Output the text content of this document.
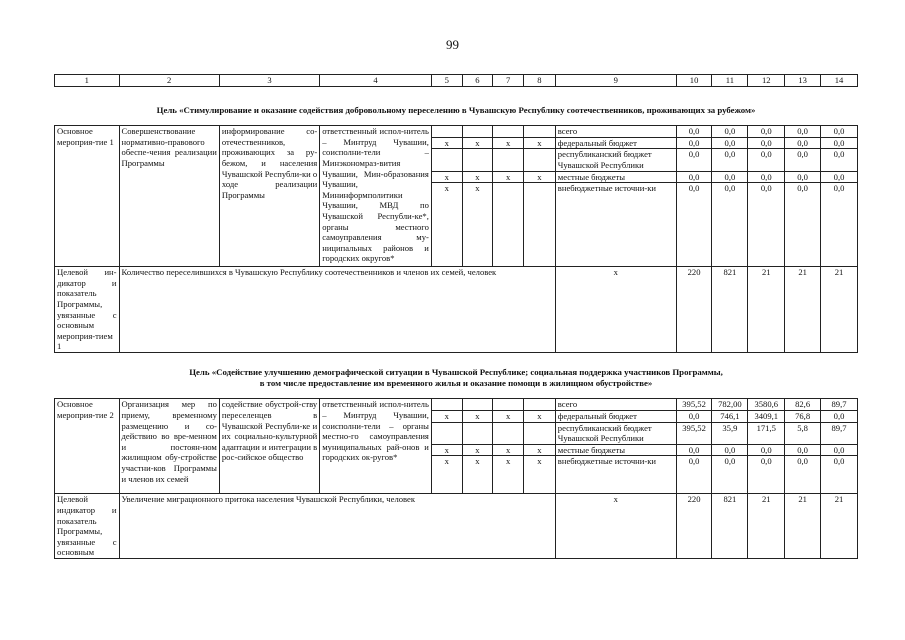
99
1	2	3	4	5	6	7	8	9	10	11	12	13	14

Цель «Стимулирование и оказание содействия добровольному переселению в Чувашскую Республику соотечественников, проживающих за рубежом»													

Основное мероприя-тие 1	Совершенствование нормативно-правового обеспе-чения реализации Программы	информирование со-отечественников, проживающих за ру-бежом, и населения Чувашской Республи-ки о ходе реализации Программы	ответственный испол-нитель – Минтруд Чувашии, соисполни-тели – Минэкономраз-вития Чувашии, Мин-образования Чувашии, Мининформполитики Чувашии, МВД по Чувашской Республи-ке*, органы местного самоуправления му-ниципальных районов и городских округов*					всего	0,0	0,0	0,0	0,0	0,0
				x	x	x	x	федеральный бюджет	0,0	0,0	0,0	0,0	0,0
								республиканский бюджет Чувашской Республики	0,0	0,0	0,0	0,0	0,0
				x	x	x	x	местные бюджеты	0,0	0,0	0,0	0,0	0,0
				x	x			внебюджетные источни-ки	0,0	0,0	0,0	0,0	0,0
Целевой ин-дикатор и показатель Программы, увязанные с основным мероприя-тием 1	Количество переселившихся в Чувашскую Республику соотечественников и членов их семей, человек							x	220	821	21	21	21

Цель «Содействие улучшению демографической ситуации в Чувашской Республике; социальная поддержка участников Программы,													
в том числе предоставление им временного жилья и оказание помощи в жилищном обустройстве»													

Основное мероприя-тие 2	Организация мер по приему, временному размещению и со-действию во вре-менном и постоян-ном жилищном обу-стройстве участни-ков Программы и членов их семей	содействие обустрой-ству переселенцев в Чувашской Республи-ке и их социально-культурной адаптации и интеграции в рос-сийское общество	ответственный испол-нитель – Минтруд Чувашии, соисполни-тели – органы местно-го самоуправления муниципальных рай-онов и городских ок-ругов*					всего	395,52	782,00	3580,6	82,6	89,7
				x	x	x	x	федеральный бюджет	0,0	746,1	3409,1	76,8	0,0
								республиканский бюджет Чувашской Республики	395,52	35,9	171,5	5,8	89,7
				x	x	x	x	местные бюджеты	0,0	0,0	0,0	0,0	0,0
				x	x	x	x	внебюджетные источни-ки	0,0	0,0	0,0	0,0	0,0
Целевой индикатор и показатель Программы, увязанные с основным	Увеличение миграционного притока населения Чувашской Республики, человек							x	220	821	21	21	21
